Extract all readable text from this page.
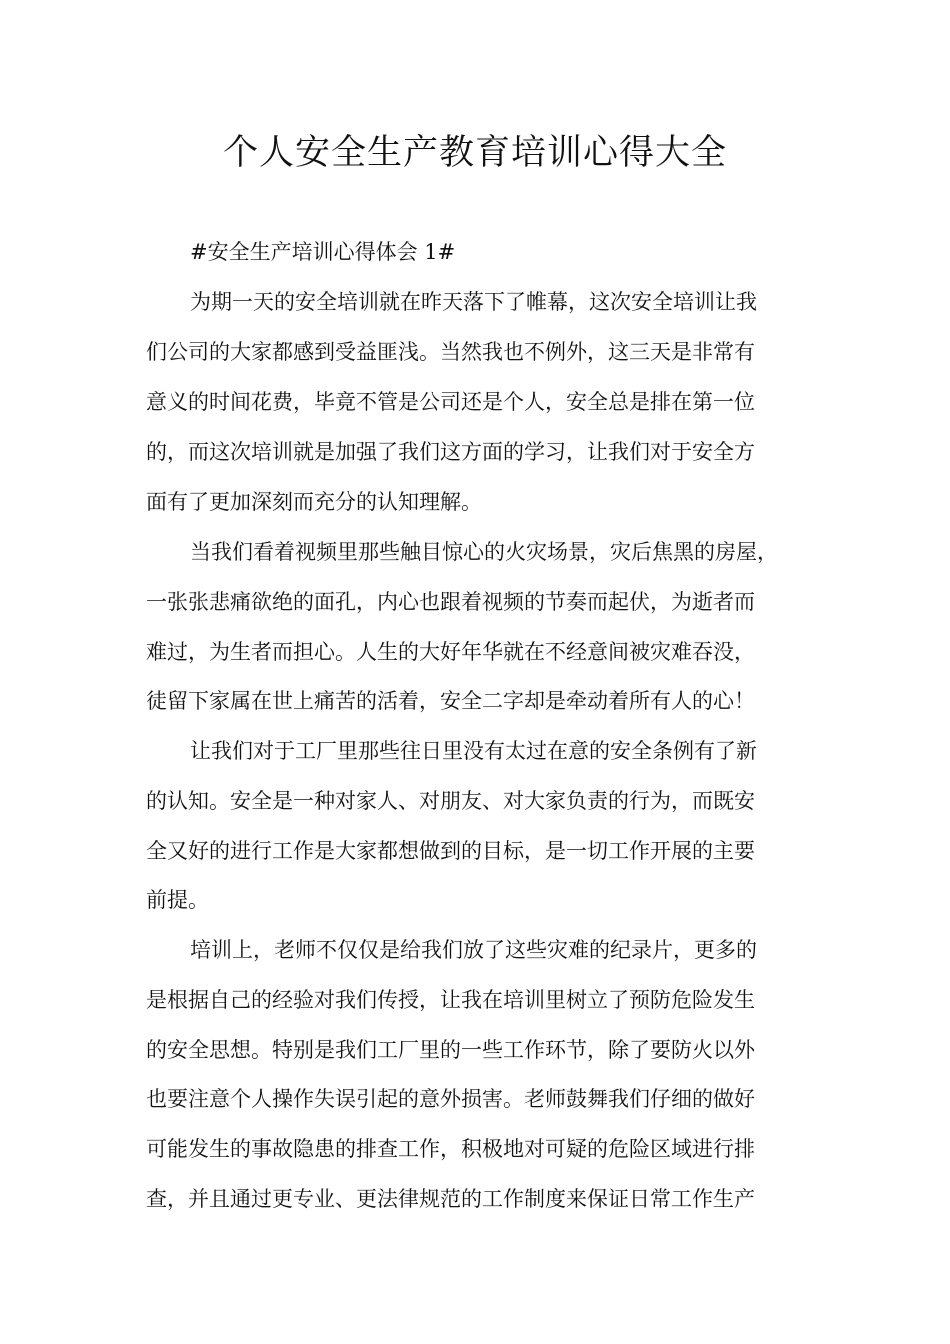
个人安全生产教育培训心得大全

#安全生产培训心得体会 1#

为期一天的安全培训就在昨天落下了帷幕，这次安全培训让我

们公司的大家都感到受益匪浅。当然我也不例外，这三天是非常有

意义的时间花费，毕竟不管是公司还是个人，安全总是排在第一位

的，而这次培训就是加强了我们这方面的学习，让我们对于安全方

面有了更加深刻而充分的认知理解。

当我们看着视频里那些触目惊心的火灾场景，灾后焦黑的房屋，

一张张悲痛欲绝的面孔，内心也跟着视频的节奏而起伏，为逝者而

难过，为生者而担心。人生的大好年华就在不经意间被灾难吞没，

徒留下家属在世上痛苦的活着，安全二字却是牵动着所有人的心！

让我们对于工厂里那些往日里没有太过在意的安全条例有了新

的认知。安全是一种对家人、对朋友、对大家负责的行为，而既安

全又好的进行工作是大家都想做到的目标，是一切工作开展的主要

前提。

培训上，老师不仅仅是给我们放了这些灾难的纪录片，更多的

是根据自己的经验对我们传授，让我在培训里树立了预防危险发生

的安全思想。特别是我们工厂里的一些工作环节，除了要防火以外

也要注意个人操作失误引起的意外损害。老师鼓舞我们仔细的做好

可能发生的事故隐患的排查工作，积极地对可疑的危险区域进行排

查，并且通过更专业、更法律规范的工作制度来保证日常工作生产
